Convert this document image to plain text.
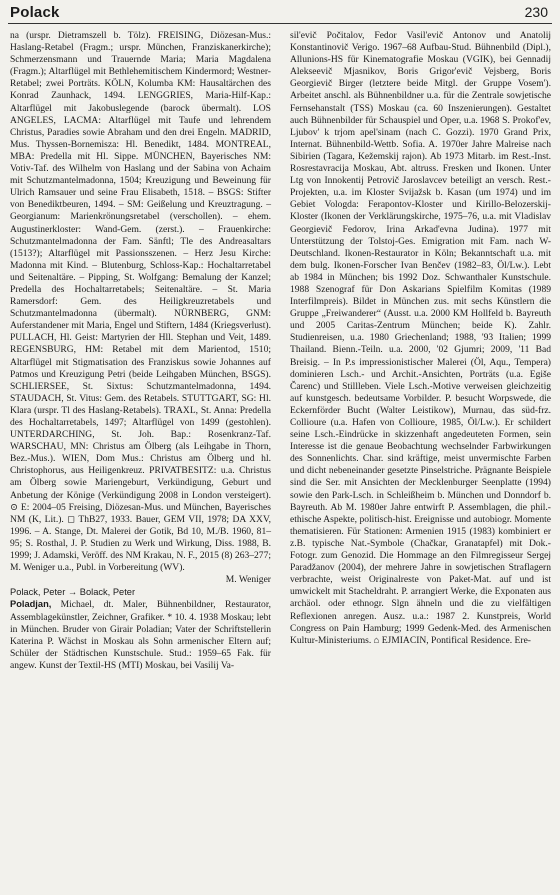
Polack	230

na (urspr. Dietramszell b. Tölz). FREISING, Diözesan-Mus.: Haslang-Retabel (Fragm.; urspr. München, Franziskanerkirche); Schmerzensmann und Trauernde Maria; Maria Magdalena (Fragm.); Altarflügel mit Bethlehemitischem Kindermord; Westner-Retabel; zwei Porträts. KÖLN, Kolumba KM: Hausaltärchen des Konrad Zaunhack, 1494. LENGGRIES, Maria-Hilf-Kap.: Altarflügel mit Jakobuslegende (barock übermalt). LOS ANGELES, LACMA: Altarflügel mit Taufe und lehrendem Christus, Paradies sowie Abraham und den drei Engeln. MADRID, Mus. Thyssen-Bornemisza: Hl. Benedikt, 1484. MONTREAL, MBA: Predella mit Hl. Sippe. MÜNCHEN, Bayerisches NM: Votiv-Taf. des Wilhelm von Haslang und der Sabina von Achaim mit Schutzmantelmadonna, 1504; Kreuzigung und Beweinung für Ulrich Ramsauer und seine Frau Elisabeth, 1518. – BSGS: Stifter von Benediktbeuren, 1494. – SM: Geißelung und Kreuztragung. – Georgianum: Marienkrönungsretabel (verschollen). – ehem. Augustinerkloster: Wand-Gem. (zerst.). – Frauenkirche: Schutzmantelmadonna der Fam. Sänftl; Tle des Andreasaltars (1513?); Altarflügel mit Passionsszenen. – Herz Jesu Kirche: Madonna mit Kind. – Blutenburg, Schloss-Kap.: Hochaltarretabel und Seitenaltäre. – Pipping, St. Wolfgang: Bemalung der Kanzel; Predella des Hochaltarretabels; Seitenaltäre. – St. Maria Ramersdorf: Gem. des Heiligkreuzretabels und Schutzmantelmadonna (übermalt). NÜRNBERG, GNM: Auferstandener mit Maria, Engel und Stiftern, 1484 (Kriegsverlust). PULLACH, Hl. Geist: Martyrien der Hll. Stephan und Veit, 1489. REGENSBURG, HM: Retabel mit dem Marientod, 1510; Altarflügel mit Stigmatisation des Franziskus sowie Johannes auf Patmos und Kreuzigung Petri (beide Leihgaben München, BSGS). SCHLIERSEE, St. Sixtus: Schutzmantelmadonna, 1494. STAUDACH, St. Vitus: Gem. des Retabels. STUTTGART, SG: Hl. Klara (urspr. Tl des Haslang-Retabels). TRAXL, St. Anna: Predella des Hochaltarretabels, 1497; Altarflügel von 1499 (gestohlen). UNTERDARCHING, St. Joh. Bap.: Rosenkranz-Taf. WARSCHAU, MN: Christus am Ölberg (als Leihgabe in Thorn, Bez.-Mus.). WIEN, Dom Mus.: Christus am Ölberg und hl. Christophorus, aus Heiligenkreuz. PRIVATBESITZ: u.a. Christus am Ölberg sowie Mariengeburt, Verkündigung, Geburt und Anbetung der Könige (Verkündigung 2008 in London versteigert). ⊙ E: 2004–05 Freising, Diözesan-Mus. und München, Bayerisches NM (K, Lit.). ◻ ThB27, 1933. Bauer, GEM VII, 1978; DA XXV, 1996. – A. Stange, Dt. Malerei der Gotik, Bd 10, M./B. 1960, 81–95; S. Rosthal, J. P. Studien zu Werk und Wirkung, Diss. 1988, B. 1999; J. Adamski, Veröff. des NM Krakau, N. F., 2015 (8) 263–277; M. Weniger u.a., Publ. in Vorbereitung (WV).

M. Weniger

Polack, Peter → Bolack, Peter

Poladjan, Michael, dt. Maler, Bühnenbildner, Restaurator, Assemblagekünstler, Zeichner, Grafiker. * 10. 4. 1938 Moskau; lebt in München. Bruder von Girair Poladian; Vater der Schriftstellerin Katerina P. Wächst in Moskau als Sohn armenischer Eltern auf; Schüler der Städtischen Kunstschule. Stud.: 1959–65 Fak. für angew. Kunst der Textil-HS (MTI) Moskau, bei Vasilij Va-

sil'evič Počitalov, Fedor Vasil'evič Antonov und Anatolij Konstantinovič Verigo. 1967–68 Aufbau-Stud. Bühnenbild (Dipl.), Allunions-HS für Kinematografie Moskau (VGIK), bei Gennadij Alekseevič Mjasnikov, Boris Grigor'evič Vejsberg, Boris Georgievič Birger (letztere beide Mitgl. der Gruppe Vosem'). Arbeitet anschl. als Bühnenbildner u.a. für die Zentrale sowjetische Fernsehanstalt (TSS) Moskau (ca. 60 Inszenierungen). Gestaltet auch Bühnenbilder für Schauspiel und Oper, u.a. 1968 S. Prokof'ev, Ljubov' k trjom apel'sinam (nach C. Gozzi). 1970 Grand Prix, Internat. Bühnenbild-Wettb. Sofia. A. 1970er Jahre Malreise nach Sibirien (Tagara, Kežemskij rajon). Ab 1973 Mitarb. im Rest.-Inst. Rosrestavracija Moskau, Abt. altruss. Fresken und Ikonen. Unter Ltg von Innokentij Petrovič Jaroslavcev beteiligt an versch. Rest.-Projekten, u.a. im Kloster Svijažsk b. Kasan (um 1974) und im Gebiet Vologda: Ferapontov-Kloster und Kirillo-Belozerskij-Kloster (Ikonen der Verklärungskirche, 1975–76, u.a. mit Vladislav Georgievič Fedorov, Irina Arkad'evna Judina). 1977 mit Unterstützung der Tolstoj-Ges. Emigration mit Fam. nach W-Deutschland. Ikonen-Restaurator in Köln; Bekanntschaft u.a. mit dem bulg. Ikonen-Forscher Ivan Benčev (1982–83, Öl/Lw.). Lebt ab 1984 in München; bis 1992 Doz. Schwanthaler Kunstschule. 1988 Szenograf für Don Askarians Spielfilm Komitas (1989 Interfilmpreis). Bildet in München zus. mit sechs Künstlern die Gruppe „Freiwanderer“ (Ausst. u.a. 2000 KM Hollfeld b. Bayreuth und 2005 Caritas-Zentrum München; beide K). Zahlr. Studienreisen, u.a. 1980 Griechenland; 1988, '93 Italien; 1999 Thailand. Bienn.-Teiln. u.a. 2000, '02 Gjumri; 2009, '11 Bad Breisig. – In P.s impressionistischer Malerei (Öl, Aqu., Tempera) dominieren Lsch.- und Archit.-Ansichten, Porträts (u.a. Egiše Čarenc) und Stillleben. Viele Lsch.-Motive verweisen gleichzeitig auf kunstgesch. bedeutsame Vorbilder. P. besucht Worpswede, die Eckernförder Bucht (Walter Leistikow), Murnau, das süd-frz. Collioure (u.a. Hafen von Collioure, 1985, Öl/Lw.). Er schildert seine Lsch.-Eindrücke in skizzenhaft angedeuteten Formen, sein Interesse ist die genaue Beobachtung wechselnder Farbwirkungen des Sonnenlichts. Char. sind kräftige, meist unvermischte Farben und dicht nebeneinander gesetzte Pinselstriche. Prägnante Beispiele sind die Ser. mit Ansichten der Mecklenburger Seenplatte (1994) sowie den Park-Lsch. in Schleißheim b. München und Donndorf b. Bayreuth. Ab M. 1980er Jahre entwirft P. Assemblagen, die phil.-ethische Aspekte, politisch-hist. Ereignisse und autobiogr. Momente thematisieren. Für Stationen: Armenien 1915 (1983) kombiniert er z.B. typische Nat.-Symbole (Chačkar, Granatapfel) mit Dok.-Fotogr. zum Genozid. Die Hommage an den Filmregisseur Sergej Paradžanov (2004), der mehrere Jahre in sowjetischen Straflagern verbrachte, weist Originalreste von Paket-Mat. auf und ist umwickelt mit Stacheldraht. P. arrangiert Werke, die Exponaten aus archäol. oder ethnogr. Slgn ähneln und die zu vielfältigen Reflexionen anregen. Ausz. u.a.: 1987 2. Kunstpreis, World Congress on Pain Hamburg; 1999 Gedenk-Med. des Armenischen Kultur-Ministeriums. ⌂ EJMIACIN, Pontifical Residence. Ere-
